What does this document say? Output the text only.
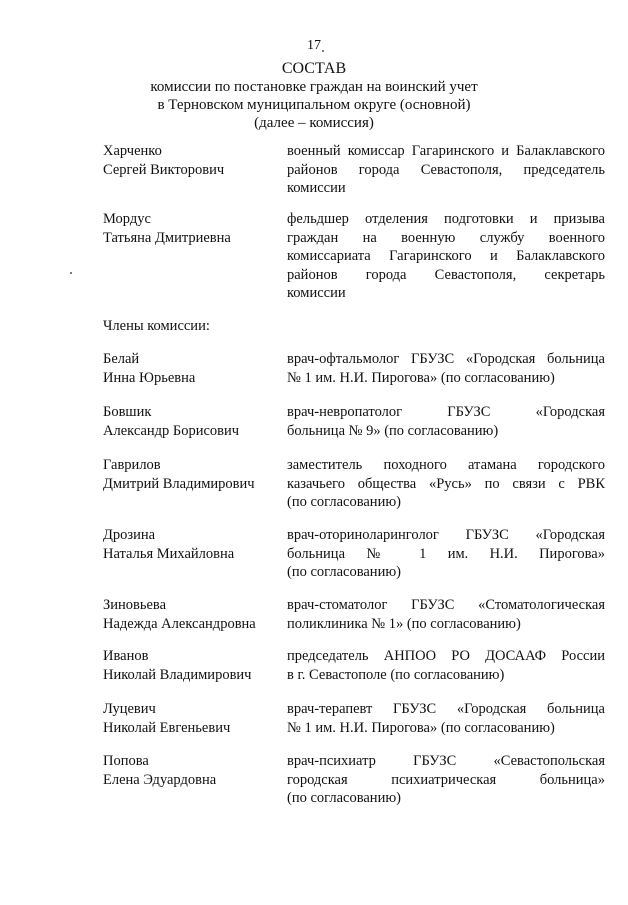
17
СОСТАВ
комиссии по постановке граждан на воинский учет
в Терновском муниципальном округе (основной)
(далее – комиссия)
Харченко
Сергей Викторович
военный комиссар Гагаринского и Балаклавского
районов города Севастополя, председатель
комиссии
Мордус
Татьяна Дмитриевна
фельдшер отделения подготовки и призыва
граждан на военную службу военного
комиссариата Гагаринского и Балаклавского
районов города Севастополя, секретарь
комиссии
Члены комиссии:
Белай
Инна Юрьевна
врач-офтальмолог ГБУЗС «Городская больница
№ 1 им. Н.И. Пирогова» (по согласованию)
Бовшик
Александр Борисович
врач-невропатолог ГБУЗС «Городская
больница № 9» (по согласованию)
Гаврилов
Дмитрий Владимирович
заместитель походного атамана городского
казачьего общества «Русь» по связи с РВК
(по согласованию)
Дрозина
Наталья Михайловна
врач-оториноларинголог ГБУЗС «Городская
больница № 1 им. Н.И. Пирогова»
(по согласованию)
Зиновьева
Надежда Александровна
врач-стоматолог ГБУЗС «Стоматологическая
поликлиника № 1» (по согласованию)
Иванов
Николай Владимирович
председатель АНПОО РО ДОСААФ России
в г. Севастополе (по согласованию)
Луцевич
Николай Евгеньевич
врач-терапевт ГБУЗС «Городская больница
№ 1 им. Н.И. Пирогова» (по согласованию)
Попова
Елена Эдуардовна
врач-психиатр ГБУЗС «Севастопольская
городская психиатрическая больница»
(по согласованию)
